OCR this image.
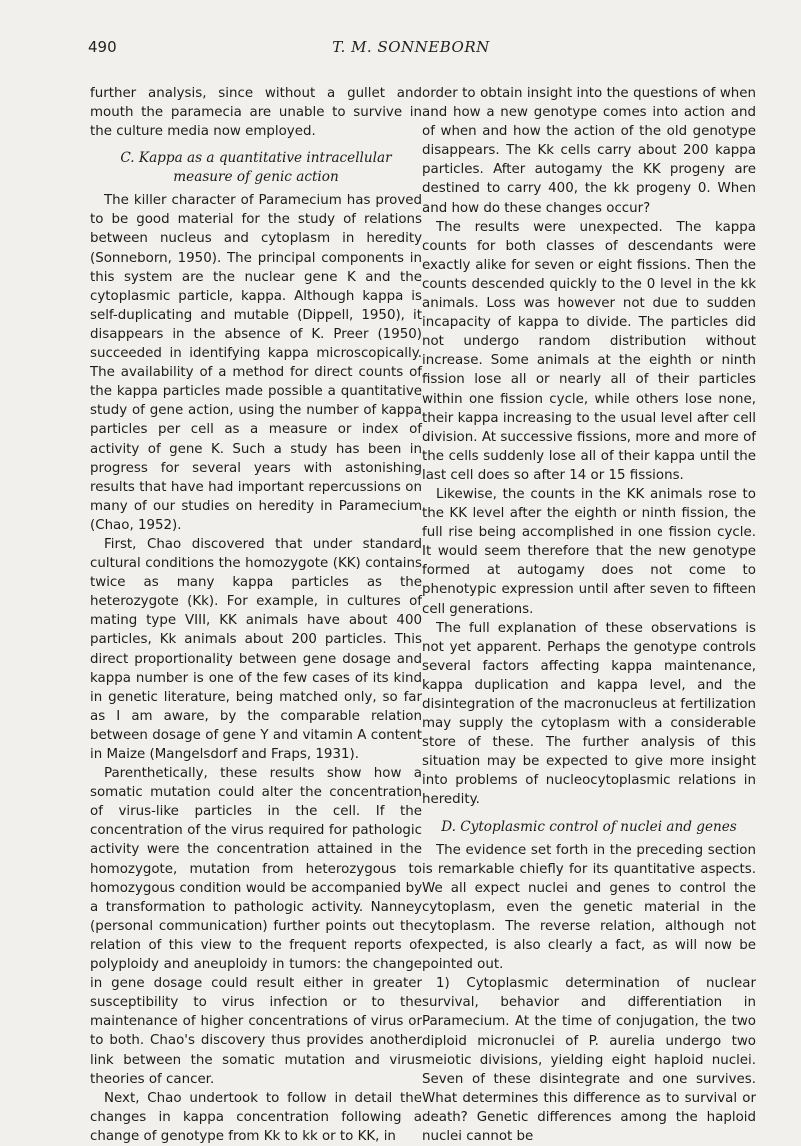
490	T. M. SONNEBORN

further analysis, since without a gullet and mouth the paramecia are unable to survive in the culture media now employed.

C. Kappa as a quantitative intracellular measure of genic action

The killer character of Paramecium has proved to be good material for the study of relations between nucleus and cytoplasm in heredity (Sonneborn, 1950). The principal components in this system are the nuclear gene K and the cytoplasmic particle, kappa. Although kappa is self-duplicating and mutable (Dippell, 1950), it disappears in the absence of K. Preer (1950) succeeded in identifying kappa microscopically. The availability of a method for direct counts of the kappa particles made possible a quantitative study of gene action, using the number of kappa particles per cell as a measure or index of activity of gene K. Such a study has been in progress for several years with astonishing results that have had important repercussions on many of our studies on heredity in Paramecium (Chao, 1952).

First, Chao discovered that under standard cultural conditions the homozygote (KK) contains twice as many kappa particles as the heterozygote (Kk). For example, in cultures of mating type VIII, KK animals have about 400 particles, Kk animals about 200 particles. This direct proportionality between gene dosage and kappa number is one of the few cases of its kind in genetic literature, being matched only, so far as I am aware, by the comparable relation between dosage of gene Y and vitamin A content in Maize (Mangelsdorf and Fraps, 1931).

Parenthetically, these results show how a somatic mutation could alter the concentration of virus-like particles in the cell. If the concentration of the virus required for pathologic activity were the concentration attained in the homozygote, mutation from heterozygous to homozygous condition would be accompanied by a transformation to pathologic activity. Nanney (personal communication) further points out the relation of this view to the frequent reports of polyploidy and aneuploidy in tumors: the change in gene dosage could result either in greater susceptibility to virus infection or to the maintenance of higher concentrations of virus or to both. Chao's discovery thus provides another link between the somatic mutation and virus theories of cancer.

Next, Chao undertook to follow in detail the changes in kappa concentration following a change of genotype from Kk to kk or to KK, in

order to obtain insight into the questions of when and how a new genotype comes into action and of when and how the action of the old genotype disappears. The Kk cells carry about 200 kappa particles. After autogamy the KK progeny are destined to carry 400, the kk progeny 0. When and how do these changes occur?

The results were unexpected. The kappa counts for both classes of descendants were exactly alike for seven or eight fissions. Then the counts descended quickly to the 0 level in the kk animals. Loss was however not due to sudden incapacity of kappa to divide. The particles did not undergo random distribution without increase. Some animals at the eighth or ninth fission lose all or nearly all of their particles within one fission cycle, while others lose none, their kappa increasing to the usual level after cell division. At successive fissions, more and more of the cells suddenly lose all of their kappa until the last cell does so after 14 or 15 fissions.

Likewise, the counts in the KK animals rose to the KK level after the eighth or ninth fission, the full rise being accomplished in one fission cycle. It would seem therefore that the new genotype formed at autogamy does not come to phenotypic expression until after seven to fifteen cell generations.

The full explanation of these observations is not yet apparent. Perhaps the genotype controls several factors affecting kappa maintenance, kappa duplication and kappa level, and the disintegration of the macronucleus at fertilization may supply the cytoplasm with a considerable store of these. The further analysis of this situation may be expected to give more insight into problems of nucleocytoplasmic relations in heredity.

D. Cytoplasmic control of nuclei and genes

The evidence set forth in the preceding section is remarkable chiefly for its quantitative aspects. We all expect nuclei and genes to control the cytoplasm, even the genetic material in the cytoplasm. The reverse relation, although not expected, is also clearly a fact, as will now be pointed out.

1) Cytoplasmic determination of nuclear survival, behavior and differentiation in Paramecium. At the time of conjugation, the two diploid micronuclei of P. aurelia undergo two meiotic divisions, yielding eight haploid nuclei. Seven of these disintegrate and one survives. What determines this difference as to survival or death? Genetic differences among the haploid nuclei cannot be
